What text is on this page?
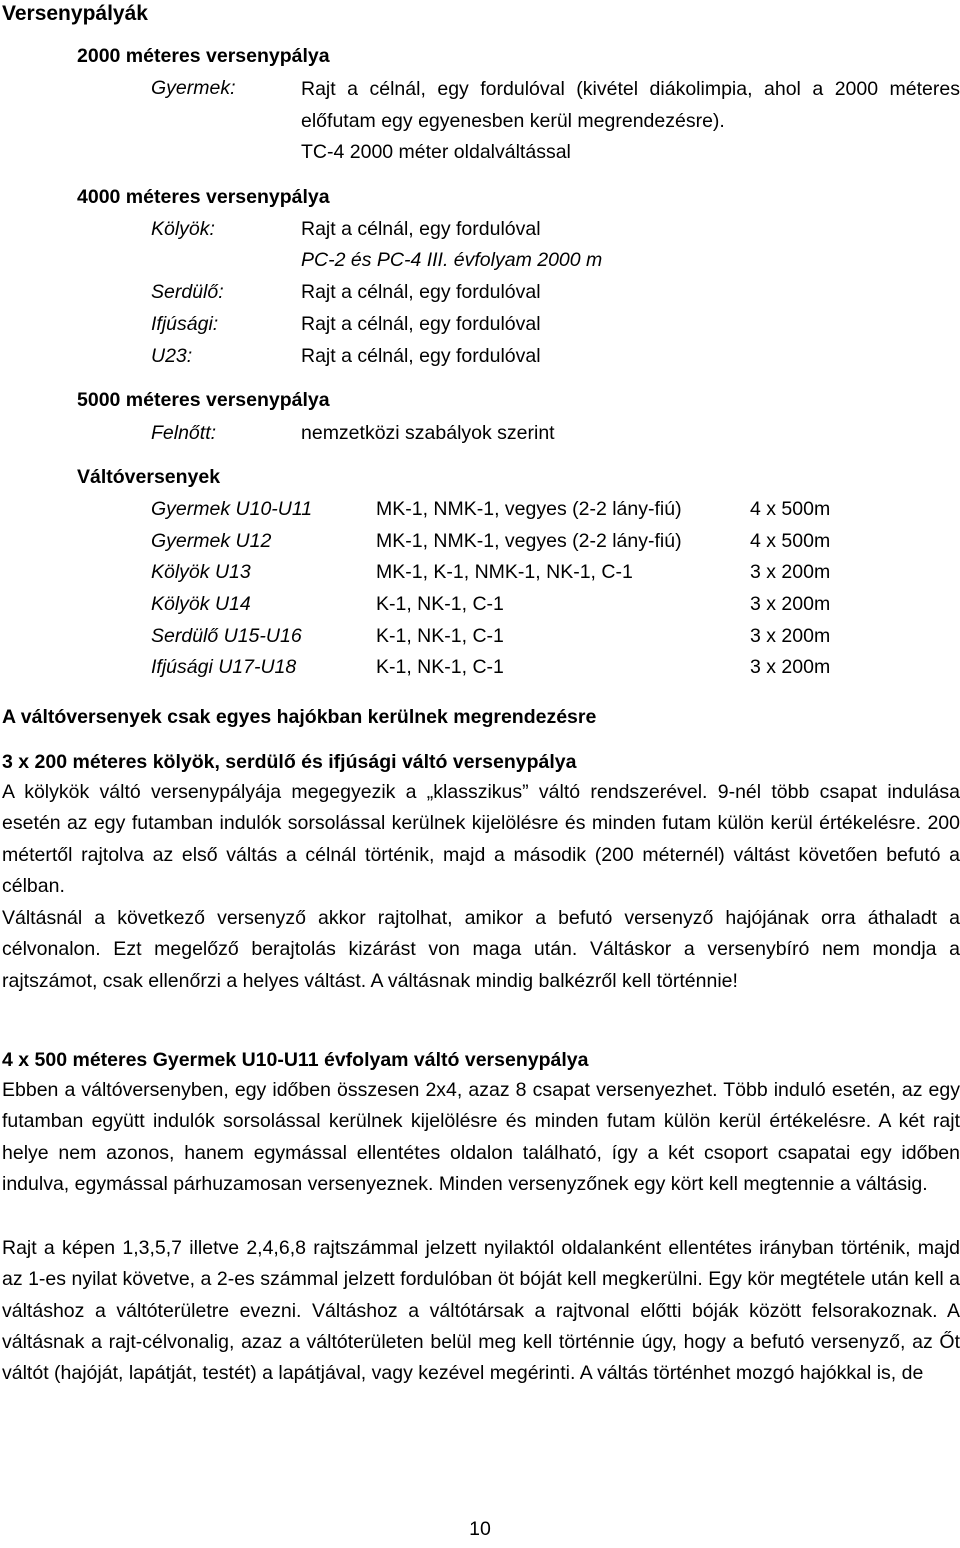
Versenypályák
2000 méteres versenypálya
Gyermek:	Rajt a célnál, egy fordulóval (kivétel diákolimpia, ahol a 2000 méteres előfutam egy egyenesben kerül megrendezésre).
TC-4 2000 méter oldalváltással
4000 méteres versenypálya
Kölyök:	Rajt a célnál, egy fordulóval
PC-2 és PC-4 III. évfolyam 2000 m
Serdülő:	Rajt a célnál, egy fordulóval
Ifjúsági:	Rajt a célnál, egy fordulóval
U23:	Rajt a célnál, egy fordulóval
5000 méteres versenypálya
Felnőtt:	nemzetközi szabályok szerint
Váltóversenyek
Gyermek U10-U11	MK-1, NMK-1, vegyes (2-2 lány-fiú)	4 x 500m
Gyermek U12	MK-1, NMK-1, vegyes (2-2 lány-fiú)	4 x 500m
Kölyök U13	MK-1, K-1, NMK-1, NK-1, C-1	3 x 200m
Kölyök U14	K-1, NK-1, C-1	3 x 200m
Serdülő U15-U16	K-1, NK-1, C-1	3 x 200m
Ifjúsági U17-U18	K-1, NK-1, C-1	3 x 200m
A váltóversenyek csak egyes hajókban kerülnek megrendezésre
3 x 200 méteres kölyök, serdülő és ifjúsági váltó versenypálya
A kölykök váltó versenypályája megegyezik a „klasszikus” váltó rendszerével. 9-nél több csapat indulása esetén az egy futamban indulók sorsolással kerülnek kijelölésre és minden futam külön kerül értékelésre. 200 métertől rajtolva az első váltás a célnál történik, majd a második (200 méternél) váltást követően befutó a célban.
Váltásnál a következő versenyző akkor rajtolhat, amikor a befutó versenyző hajójának orra áthaladt a célvonalon. Ezt megelőző berajtolás kizárást von maga után. Váltáskor a versenybíró nem mondja a rajtszámot, csak ellenőrzi a helyes váltást. A váltásnak mindig balkézről kell történnie!
4 x 500 méteres Gyermek U10-U11 évfolyam váltó versenypálya
Ebben a váltóversenyben, egy időben összesen 2x4, azaz 8 csapat versenyezhet. Több induló esetén, az egy futamban együtt indulók sorsolással kerülnek kijelölésre és minden futam külön kerül értékelésre. A két rajt helye nem azonos, hanem egymással ellentétes oldalon található, így a két csoport csapatai egy időben indulva, egymással párhuzamosan versenyeznek. Minden versenyzőnek egy kört kell megtennie a váltásig.
Rajt a képen 1,3,5,7 illetve 2,4,6,8 rajtszámmal jelzett nyilaktól oldalanként ellentétes irányban történik, majd az 1-es nyilat követve, a 2-es számmal jelzett fordulóban öt bóját kell megkerülni. Egy kör megtétele után kell a váltáshoz a váltóterületre evezni. Váltáshoz a váltótársak a rajtvonal előtti bóják között felsorakoznak. A váltásnak a rajt-célvonalig, azaz a váltóterületen belül meg kell történnie úgy, hogy a befutó versenyző, az Őt váltót (hajóját, lapátját, testét) a lapátjával, vagy kezével megérinti. A váltás történhet mozgó hajókkal is, de
10
